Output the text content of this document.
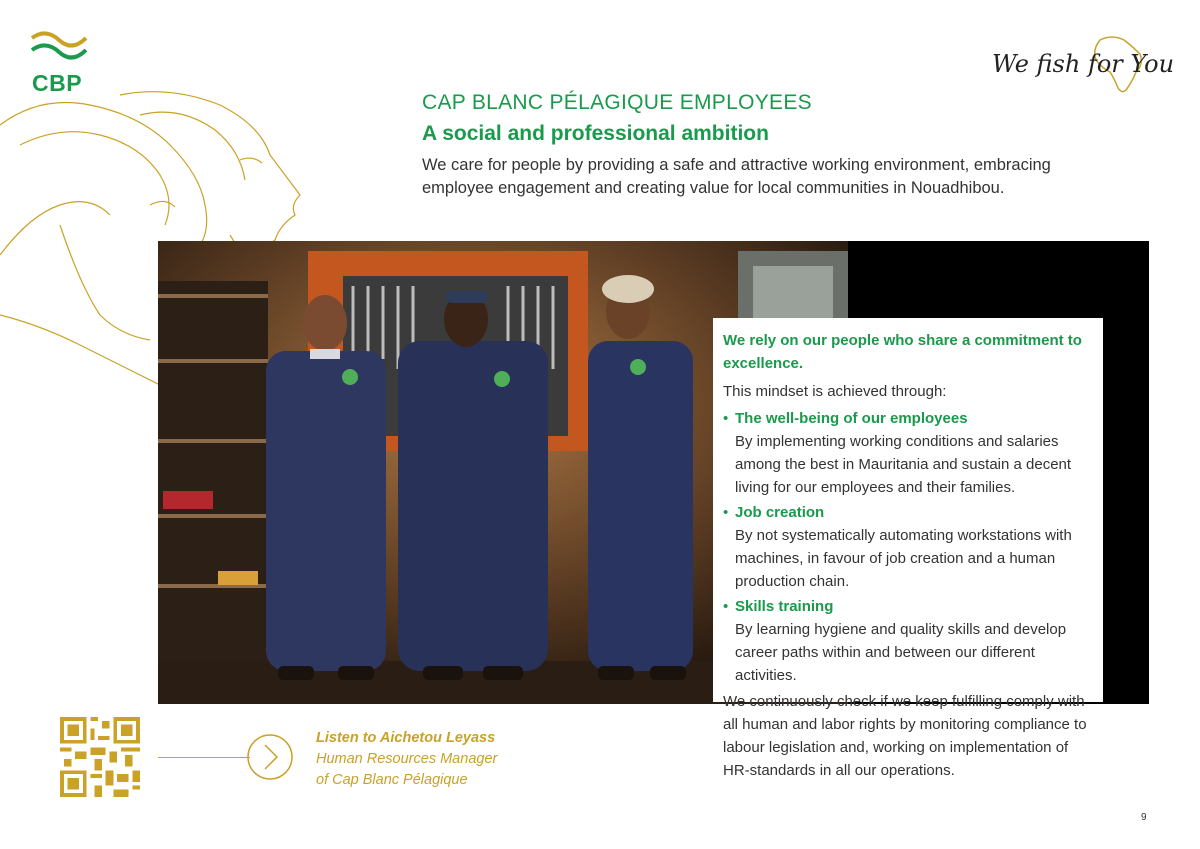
CBP
We fish for You
CAP BLANC PÉLAGIQUE EMPLOYEES
A social and professional ambition
We care for people by providing a safe and attractive working environment, embracing employee engagement and creating value for local communities in Nouadhibou.

We rely on our people who share a commitment to excellence.

This mindset is achieved through:

• The well-being of our employees
By implementing working conditions and salaries among the best in Mauritania and sustain a decent living for our employees and their families.
• Job creation
By not systematically automating workstations with machines, in favour of job creation and a human production chain.
• Skills training
By learning hygiene and quality skills and develop career paths within and between our different activities.

We continuously check if we keep fulfilling comply with all human and labor rights by monitoring compliance to labour legislation and, working on implementation of HR-standards in all our operations.

Listen to Aichetou Leyass
Human Resources Manager
of Cap Blanc Pélagique
9
